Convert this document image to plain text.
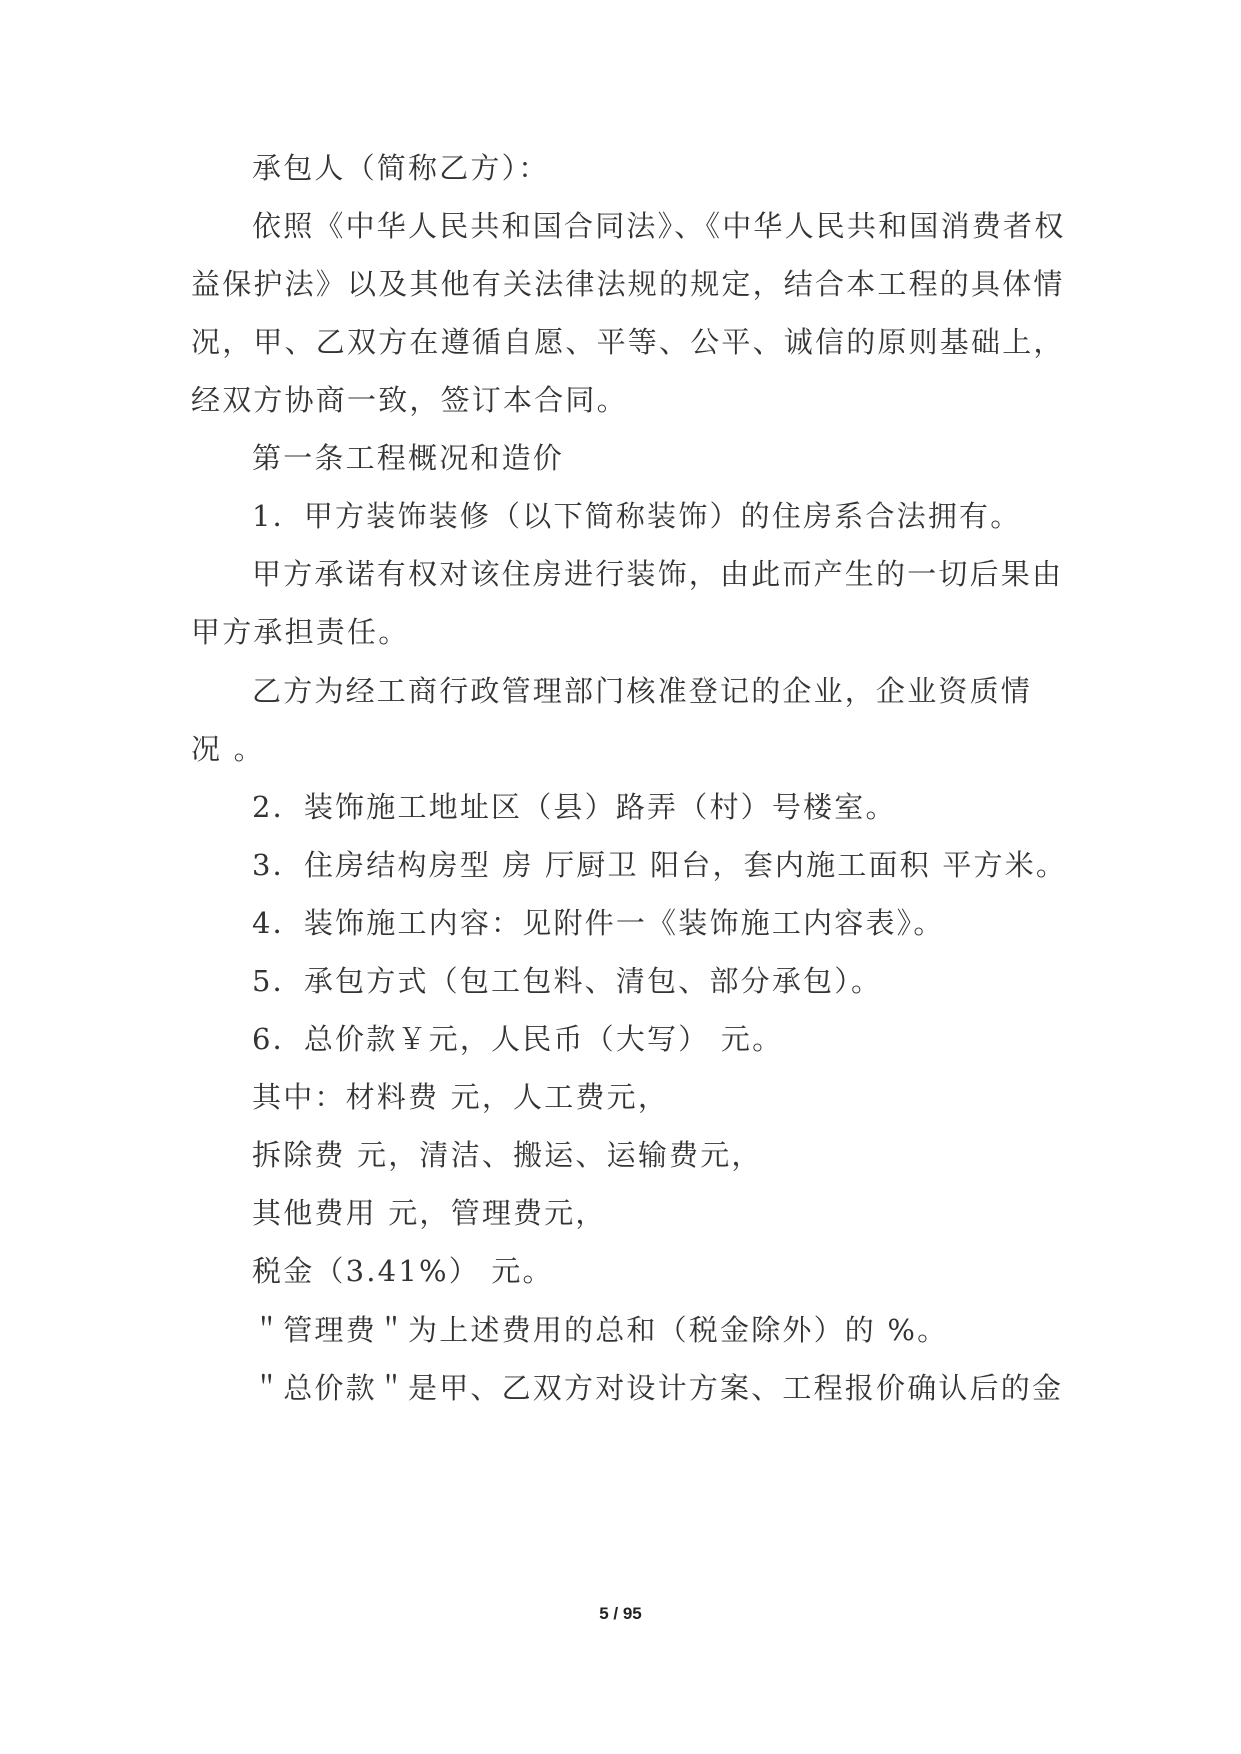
承包人（简称乙方）：
依照《中华人民共和国合同法》、《中华人民共和国消费者权
益保护法》以及其他有关法律法规的规定，结合本工程的具体情
况，甲、乙双方在遵循自愿、平等、公平、诚信的原则基础上，
经双方协商一致，签订本合同。
第一条工程概况和造价
1．甲方装饰装修（以下简称装饰）的住房系合法拥有。
甲方承诺有权对该住房进行装饰，由此而产生的一切后果由
甲方承担责任。
乙方为经工商行政管理部门核准登记的企业，企业资质情
况 。
2．装饰施工地址区（县）路弄（村）号楼室。
3．住房结构房型 房 厅厨卫 阳台，套内施工面积 平方米。
4．装饰施工内容：见附件一《装饰施工内容表》。
5．承包方式（包工包料、清包、部分承包）。
6．总价款￥元，人民币（大写） 元。
其中：材料费 元，人工费元，
拆除费 元，清洁、搬运、运输费元，
其他费用 元，管理费元，
税金（3.41%） 元。
＂管理费＂为上述费用的总和（税金除外）的 %。
＂总价款＂是甲、乙双方对设计方案、工程报价确认后的金
5 / 95
